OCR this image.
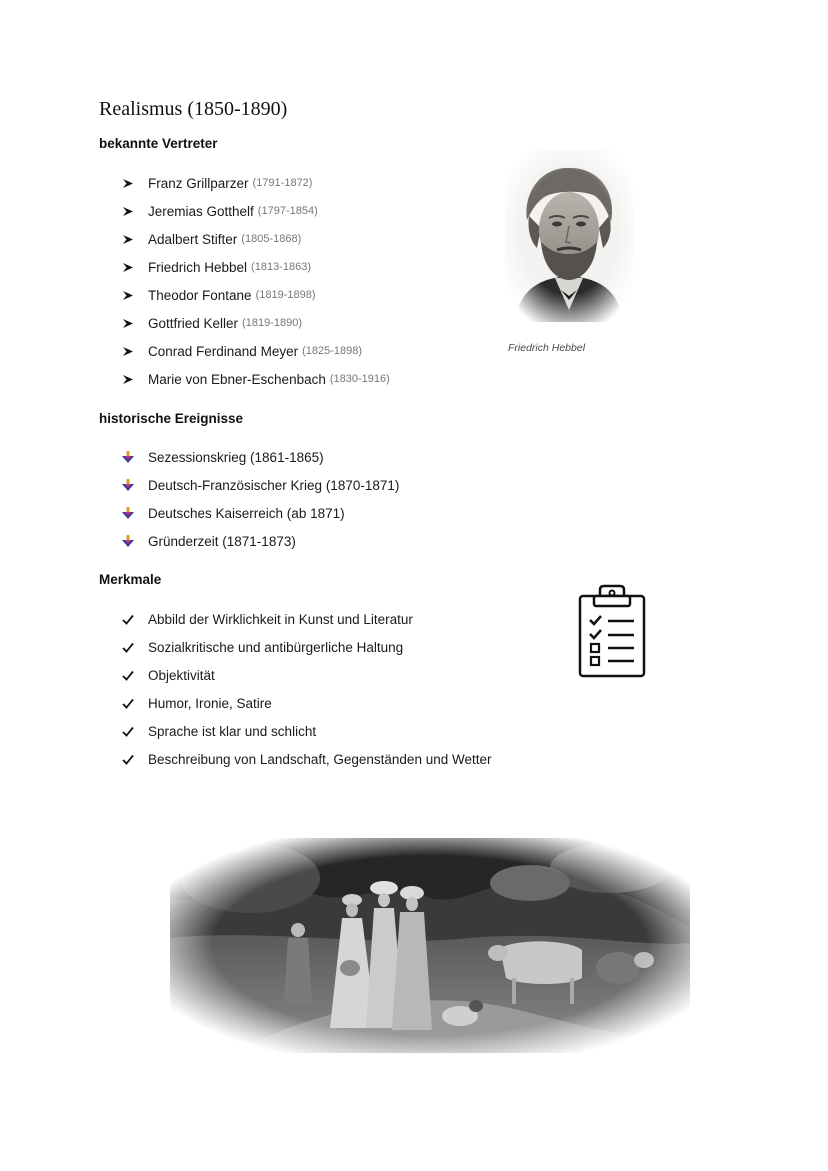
Realismus (1850-1890)
bekannte Vertreter
Franz Grillparzer (1791-1872)
Jeremias Gotthelf (1797-1854)
Adalbert Stifter (1805-1868)
Friedrich Hebbel (1813-1863)
Theodor Fontane (1819-1898)
Gottfried Keller (1819-1890)
Conrad Ferdinand Meyer (1825-1898)
Marie von Ebner-Eschenbach (1830-1916)
Friedrich Hebbel
historische Ereignisse
Sezessionskrieg (1861-1865)
Deutsch-Französischer Krieg (1870-1871)
Deutsches Kaiserreich (ab 1871)
Gründerzeit (1871-1873)
Merkmale
Abbild der Wirklichkeit in Kunst und Literatur
Sozialkritische und antibürgerliche Haltung
Objektivität
Humor, Ironie, Satire
Sprache ist klar und schlicht
Beschreibung von Landschaft, Gegenständen und Wetter
